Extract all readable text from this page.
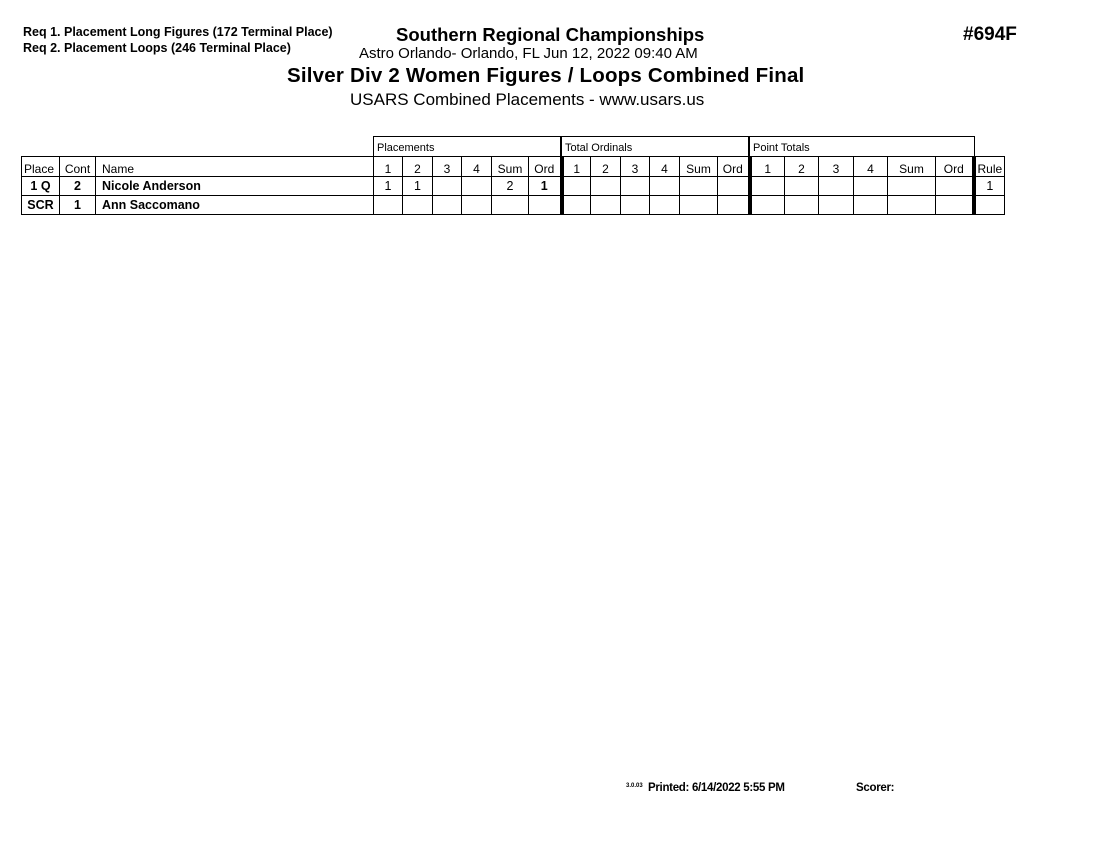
Req 1. Placement Long Figures (172 Terminal Place)
Req 2. Placement Loops (246 Terminal Place)
Southern Regional Championships
Astro Orlando- Orlando, FL Jun 12, 2022 09:40 AM
#694F
Silver Div 2 Women Figures / Loops Combined Final
USARS Combined Placements - www.usars.us
Placements	Total Ordinals	Point Totals
Place	Cont	Name	1	2	3	4	Sum	Ord	1	2	3	4	Sum	Ord	1	2	3	4	Sum	Ord	Rule
1 Q	2	Nicole Anderson	1	1			2	1													1
SCR	1	Ann Saccomano																			
3.0.03 Printed: 6/14/2022 5:55 PM	Scorer:
